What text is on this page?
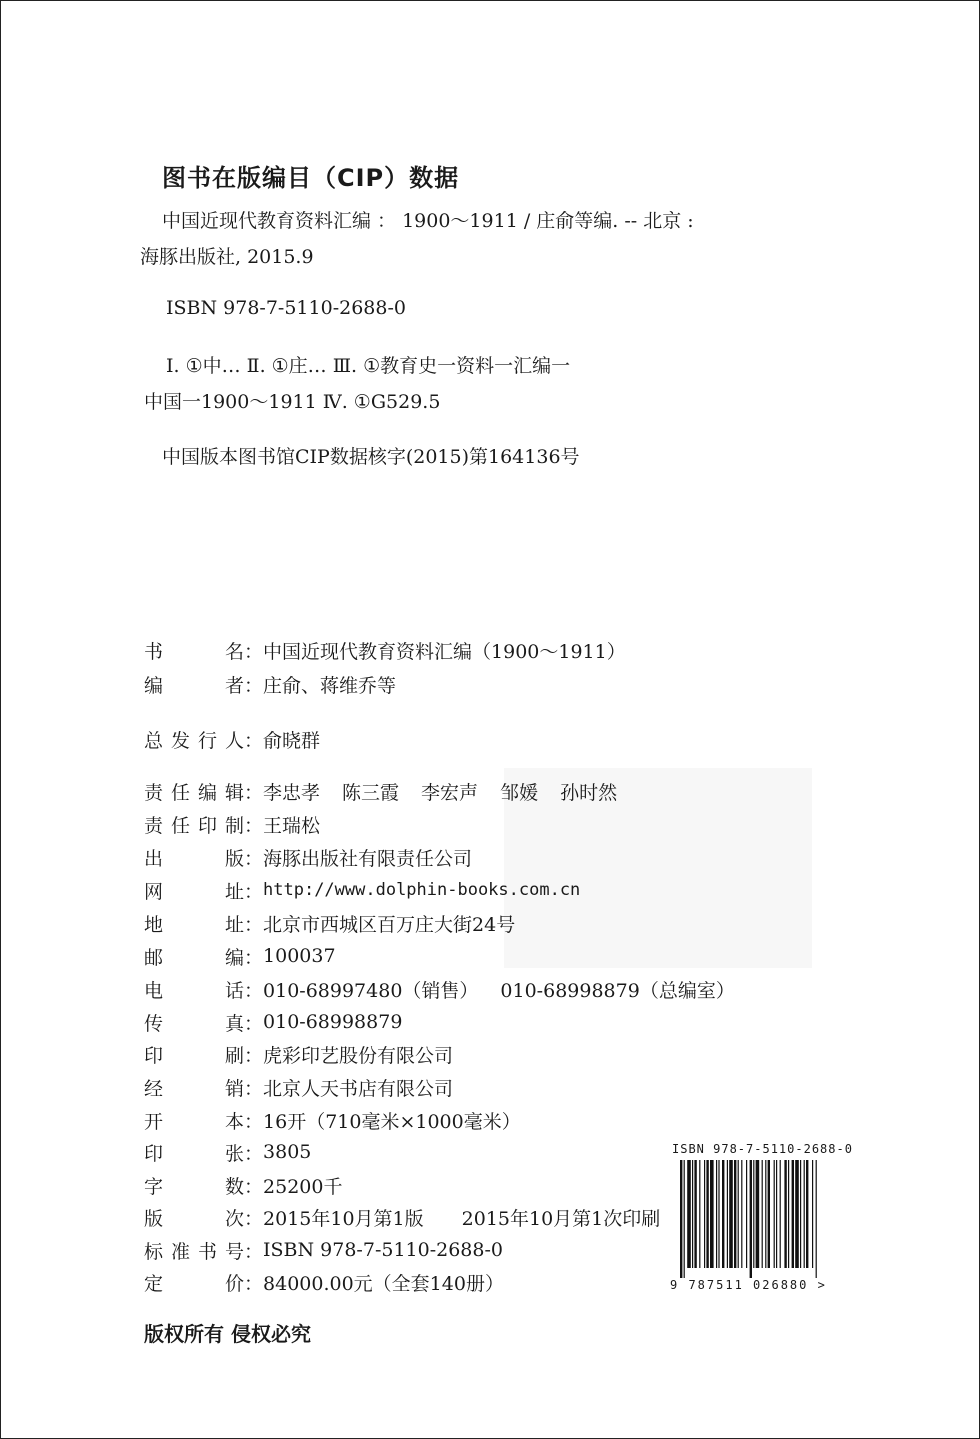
图书在版编目（CIP）数据
中国近现代教育资料汇编 ： 1900～1911 / 庄俞等编. -- 北京 :
海豚出版社, 2015.9
ISBN 978-7-5110-2688-0
Ⅰ. ①中… Ⅱ. ①庄… Ⅲ. ①教育史一资料一汇编一
中国一1900～1911 Ⅳ. ①G529.5
中国版本图书馆CIP数据核字(2015)第164136号
书名 ： 中国近现代教育资料汇编（1900～1911）
编者 ： 庄俞、蒋维乔等
总发行人 ： 俞晓群
责任编辑 ： 李忠孝 陈三霞 李宏声 邹媛 孙时然
责任印制 ： 王瑞松
出版 ： 海豚出版社有限责任公司
网址 ： http://www.dolphin-books.com.cn
地址 ： 北京市西城区百万庄大街24号
邮编 ： 100037
电话 ： 010-68997480（销售） 010-68998879（总编室）
传真 ： 010-68998879
印刷 ： 虎彩印艺股份有限公司
经销 ： 北京人天书店有限公司
开本 ： 16开（710毫米×1000毫米）
印张 ： 3805
字数 ： 25200千
版次 ： 2015年10月第1版 2015年10月第1次印刷
标准书号 ： ISBN 978-7-5110-2688-0
定价 ： 84000.00元（全套140册）
版权所有 侵权必究
ISBN 978-7-5110-2688-0
9 787511 026880 >
